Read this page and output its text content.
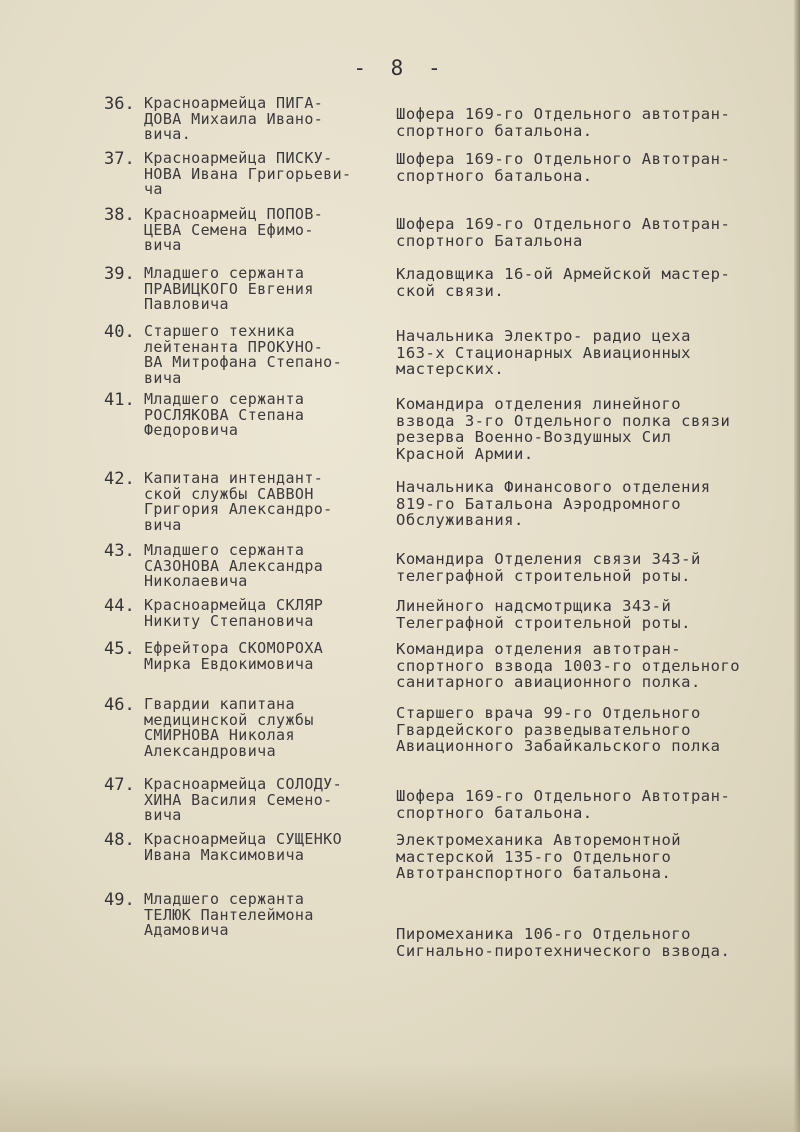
- 8 -
36. Красноармейца ПИГА-
ДОВА Михаила Ивано-
вича.
Шофера 169-го Отдельного автотран-
спортного батальона.
37. Красноармейца ПИСКУ-
НОВА Ивана Григорьеви-
ча
Шофера 169-го Отдельного Автотран-
спортного батальона.
38. Красноармейц ПОПОВ-
ЦЕВА Семена Ефимо-
вича
Шофера 169-го Отдельного Автотран-
спортного Батальона
39. Младшего сержанта
ПРАВИЦКОГО Евгения
Павловича
Кладовщика 16-ой Армейской мастер-
ской связи.
40. Старшего техника
лейтенанта ПРОКУНО-
ВА Митрофана Степано-
вича
Начальника Электро- радио цеха
163-х Стационарных Авиационных
мастерских.
41. Младшего сержанта
РОСЛЯКОВА Степана
Федоровича
Командира отделения линейного
взвода 3-го Отдельного полка связи
резерва Военно-Воздушных Сил
Красной Армии.
42. Капитана интендант-
ской службы САВВОН
Григория Александро-
вича
Начальника Финансового отделения
819-го Батальона Аэродромного
Обслуживания.
43. Младшего сержанта
САЗОНОВА Александра
Николаевича
Командира Отделения связи 343-й
телеграфной строительной роты.
44. Красноармейца СКЛЯР
Никиту Степановича
Линейного надсмотрщика 343-й
Телеграфной строительной роты.
45. Ефрейтора СКОМОРОХА
Мирка Евдокимовича
Командира отделения автотран-
спортного взвода 1003-го отдельного
санитарного авиационного полка.
46. Гвардии капитана
медицинской службы
СМИРНОВА Николая
Александровича
Старшего врача 99-го Отдельного
Гвардейского разведывательного
Авиационного Забайкальского полка
47. Красноармейца СОЛОДУ-
ХИНА Василия Семено-
вича
Шофера 169-го Отдельного Автотран-
спортного батальона.
48. Красноармейца СУЩЕНКО
Ивана Максимовича
Электромеханика Авторемонтной
мастерской 135-го Отдельного
Автотранспортного батальона.
49. Младшего сержанта
ТЕЛЮК Пантелеймона
Адамовича	Пиромеханика 106-го Отдельного
Сигнально-пиротехнического взвода.
